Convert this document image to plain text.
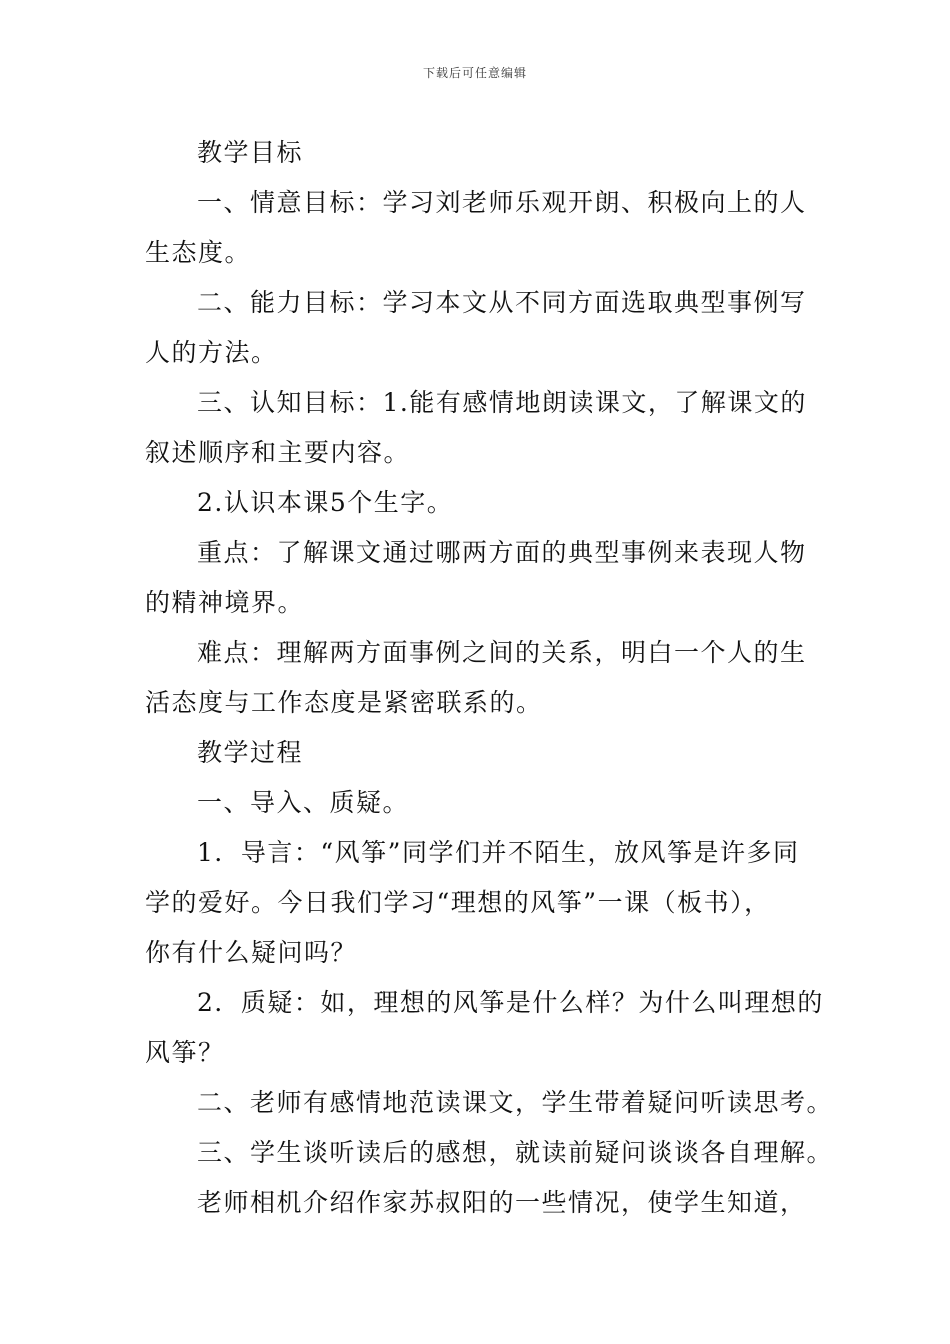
下载后可任意编辑
教学目标
一、情意目标：学习刘老师乐观开朗、积极向上的人
生态度。
二、能力目标：学习本文从不同方面选取典型事例写
人的方法。
三、认知目标：1.能有感情地朗读课文，了解课文的
叙述顺序和主要内容。
2.认识本课5个生字。
重点：了解课文通过哪两方面的典型事例来表现人物
的精神境界。
难点：理解两方面事例之间的关系，明白一个人的生
活态度与工作态度是紧密联系的。
教学过程
一、导入、质疑。
1．导言：“风筝”同学们并不陌生，放风筝是许多同
学的爱好。今日我们学习“理想的风筝”一课（板书），
你有什么疑问吗？
2．质疑：如，理想的风筝是什么样？为什么叫理想的
风筝？
二、老师有感情地范读课文，学生带着疑问听读思考。
三、学生谈听读后的感想，就读前疑问谈谈各自理解。
老师相机介绍作家苏叔阳的一些情况，使学生知道，
